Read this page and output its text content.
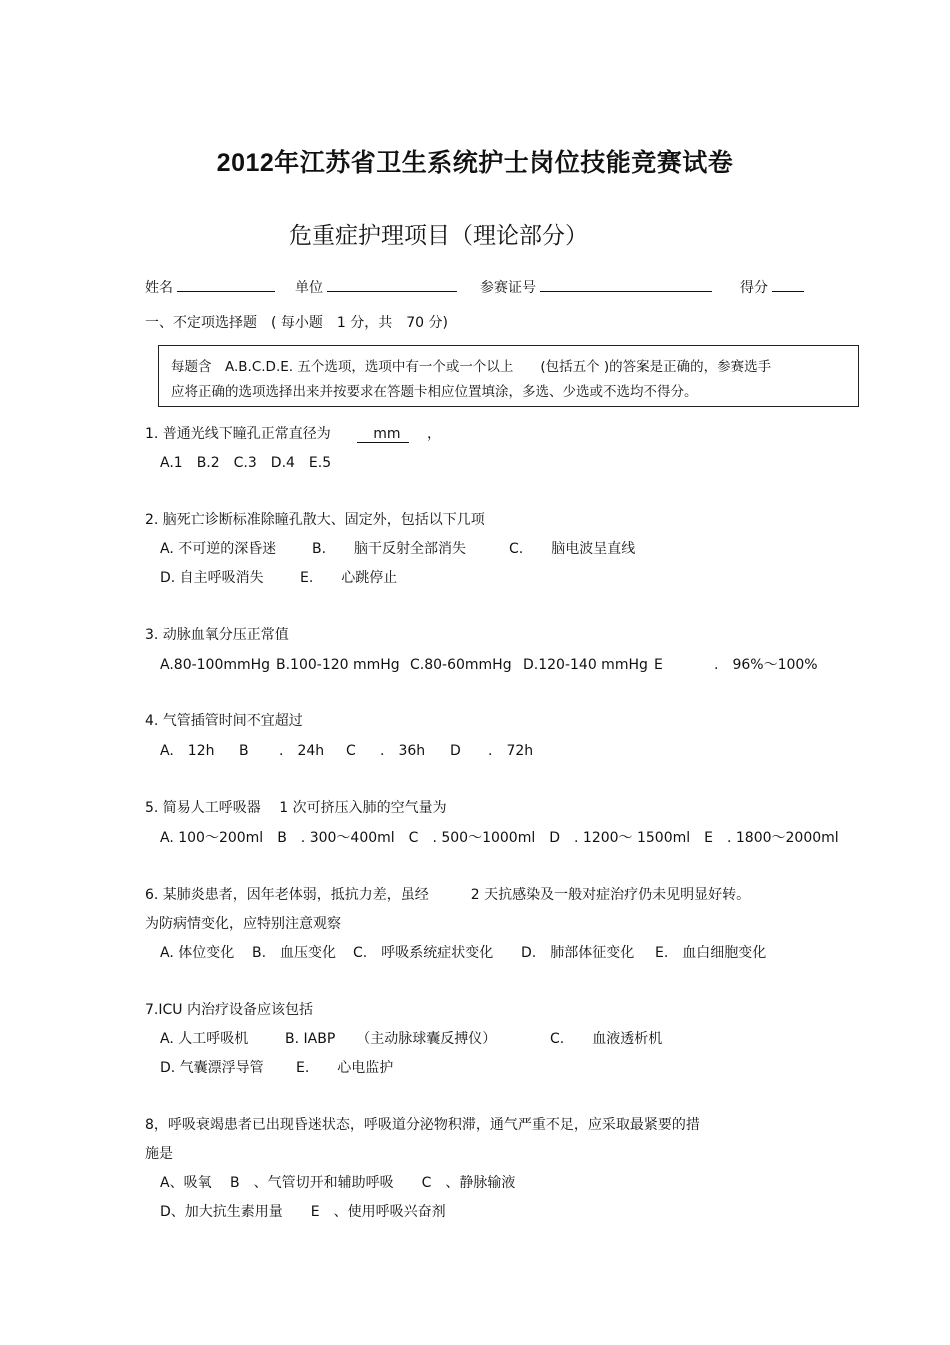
2012年江苏省卫生系统护士岗位技能竞赛试卷
危重症护理项目（理论部分）
姓名	单位	参赛证号	得分
一、不定项选择题　( 每小题　1 分，共　70 分)
每题含　A.B.C.D.E. 五个选项，选项中有一个或一个以上　　(包括五个 )的答案是正确的，参赛选手
应将正确的选项选择出来并按要求在答题卡相应位置填涂，多选、少选或不选均不得分。
1. 普通光线下瞳孔正常直径为	mm ，
A.1　B.2　C.3　D.4　E.5
2. 脑死亡诊断标准除瞳孔散大、固定外，包括以下几项
A. 不可逆的深昏迷	B.　　脑干反射全部消失	C.　　脑电波呈直线
D. 自主呼吸消失	E.　　心跳停止
3. 动脉血氧分压正常值
A.80-100mmHg B.100-120 mmHg C.80-60mmHg D.120-140 mmHg E	.　96%～100%
4. 气管插管时间不宜超过
A.　12h B .　24h C .　36h D .　72h
5. 简易人工呼吸器　 1 次可挤压入肺的空气量为
A. 100～200ml　B　. 300～400ml　C　. 500～1000ml　D　. 1200～ 1500ml　E　. 1800～2000ml
6. 某肺炎患者，因年老体弱，抵抗力差，虽经　　　2 天抗感染及一般对症治疗仍未见明显好转。
为防病情变化，应特别注意观察
A. 体位变化 B.　血压变化 C.　呼吸系统症状变化 D.　肺部体征变化 E.　血白细胞变化
7.ICU 内治疗设备应该包括
A. 人工呼吸机	B. IABP　　（主动脉球囊反搏仪）	C.　　血液透析机
D. 气囊漂浮导管 E.　　心电监护
8，呼吸衰竭患者已出现昏迷状态，呼吸道分泌物积滞，通气严重不足，应采取最紧要的措
施是
A、吸氧　 B　、气管切开和辅助呼吸　　C　、静脉输液
D、加大抗生素用量　　E　、使用呼吸兴奋剂
